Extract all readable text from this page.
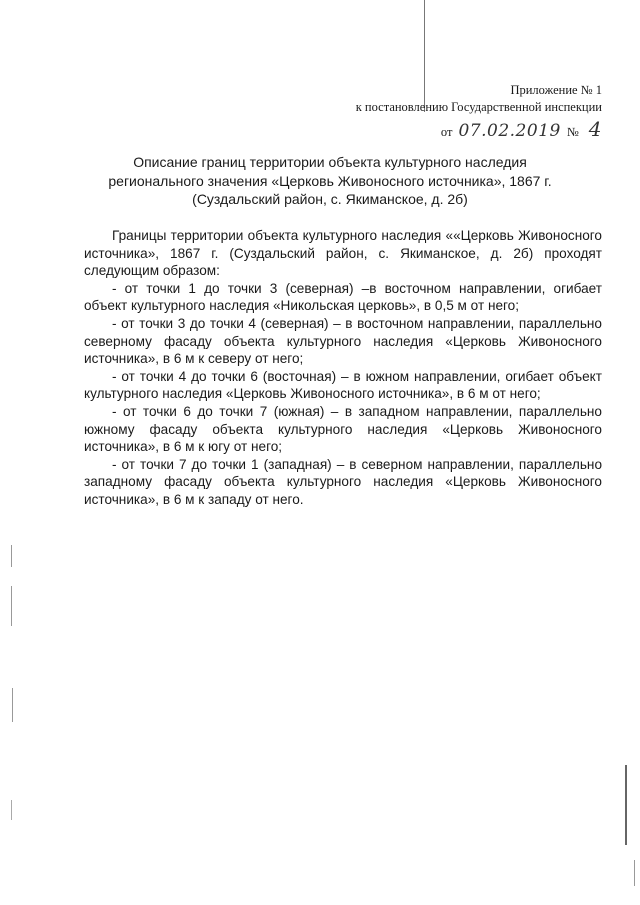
Приложение № 1
к постановлению Государственной инспекции
от 07.02.2019 № 4
Описание границ территории объекта культурного наследия
регионального значения «Церковь Живоносного источника», 1867 г.
(Суздальский район, с. Якиманское, д. 2б)

Границы территории объекта культурного наследия ««Церковь Живоносного
источника», 1867 г. (Суздальский район, с. Якиманское, д. 2б) проходят
следующим образом:

- от точки 1 до точки 3 (северная) –в восточном направлении, огибает
объект культурного наследия «Никольская церковь», в 0,5 м от него;

- от точки 3 до точки 4 (северная) – в восточном направлении, параллельно
северному фасаду объекта культурного наследия «Церковь Живоносного
источника», в 6 м к северу от него;

- от точки 4 до точки 6 (восточная) – в южном направлении, огибает объект
культурного наследия «Церковь Живоносного источника», в 6 м от него;

- от точки 6 до точки 7 (южная) – в западном направлении, параллельно
южному фасаду объекта культурного наследия «Церковь Живоносного
источника», в 6 м к югу от него;

- от точки 7 до точки 1 (западная) – в северном направлении, параллельно
западному фасаду объекта культурного наследия «Церковь Живоносного
источника», в 6 м к западу от него.
